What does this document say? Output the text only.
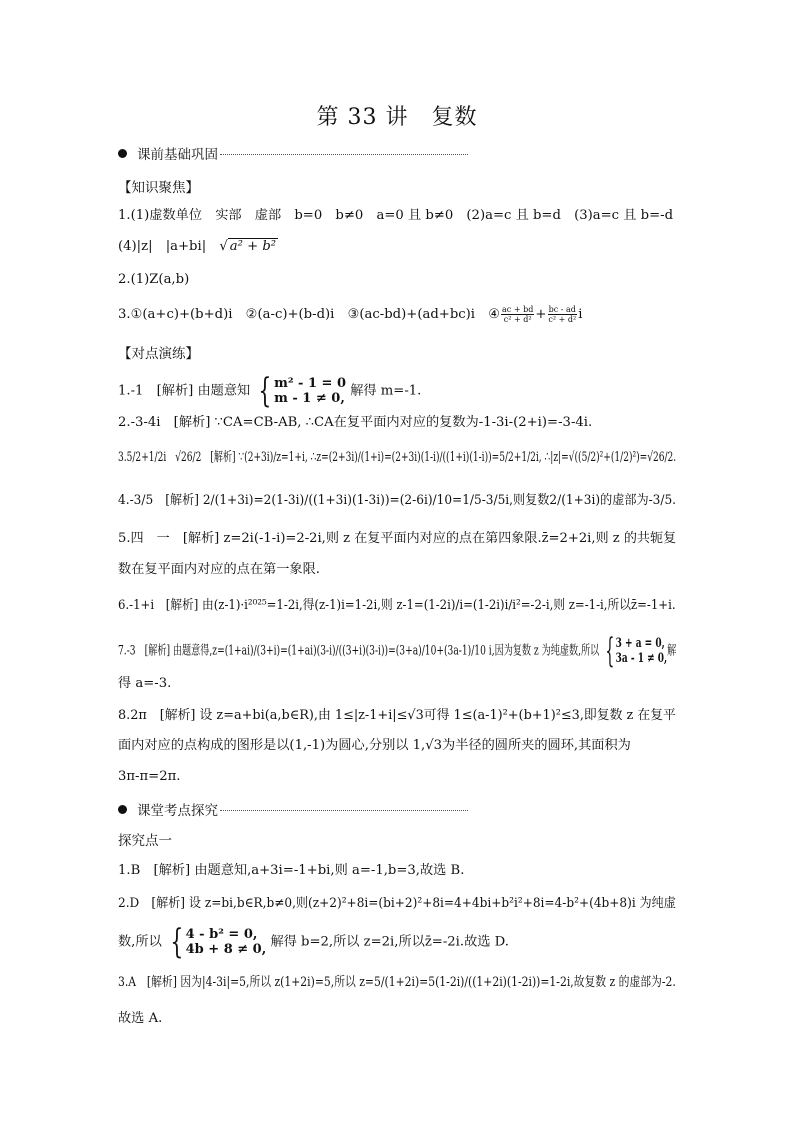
第 33 讲　复数
课前基础巩固
【知识聚焦】
1.(1)虚数单位　实部　虚部　b=0　b≠0　a=0 且 b≠0　(2)a=c 且 b=d　(3)a=c 且 b=-d
(4)|z|　|a+bi|　√ a² + b²
2.(1)Z(a,b)
3.①(a+c)+(b+d)i　②(a-c)+(b-d)i　③(ac-bd)+(ad+bc)i　④ $\frac{ac + bd}{\text{c² + d²}} + \frac{bc - ad}{\text{c² + d²}}$ i
【对点演练】
1.-1　[解析] 由题意知 { m² - 1 = 0
m - 1 ≠ 0, 解得 m=-1.
2.-3-4i　[解析] ∵CA=CB-AB, ∴CA在复平面内对应的复数为-1-3i-(2+i)=-3-4i.
3.5/2+1/2i　√26/2　[解析] ∵(2+3i)/z=1+i, ∴z=(2+3i)/(1+i)=(2+3i)(1-i)/((1+i)(1-i))=5/2+1/2i, ∴|z|=√((5/2)²+(1/2)²)=√26/2.
4.-3/5　[解析] 2/(1+3i)=2(1-3i)/((1+3i)(1-3i))=(2-6i)/10=1/5-3/5i,则复数2/(1+3i)的虚部为-3/5.
5.四　一　[解析] z=2i(-1-i)=2-2i,则 z 在复平面内对应的点在第四象限.z̄=2+2i,则 z 的共轭复
数在复平面内对应的点在第一象限.
6.-1+i　[解析] 由(z-1)·i²⁰²⁵=1-2i,得(z-1)i=1-2i,则 z-1=(1-2i)/i=(1-2i)i/i²=-2-i,则 z=-1-i,所以z̄=-1+i.
7.-3　[解析] 由题意得,z=(1+ai)/(3+i)=(1+ai)(3-i)/((3+i)(3-i))=(3+a)/10+(3a-1)/10 i,因为复数 z 为纯虚数,所以 { 3 + a = 0,
3a - 1 ≠ 0, 解
得 a=-3.
8.2π　[解析] 设 z=a+bi(a,b∈R),由 1≤|z-1+i|≤√3可得 1≤(a-1)²+(b+1)²≤3,即复数 z 在复平
面内对应的点构成的图形是以(1,-1)为圆心,分别以 1,√3为半径的圆所夹的圆环,其面积为
3π-π=2π.
课堂考点探究
探究点一
1.B　[解析] 由题意知,a+3i=-1+bi,则 a=-1,b=3,故选 B.
2.D　[解析] 设 z=bi,b∈R,b≠0,则(z+2)²+8i=(bi+2)²+8i=4+4bi+b²i²+8i=4-b²+(4b+8)i 为纯虚
数,所以 { 4 - b² = 0,
4b + 8 ≠ 0, 解得 b=2,所以 z=2i,所以z̄=-2i.故选 D.
3.A　[解析] 因为|4-3i|=5,所以 z(1+2i)=5,所以 z=5/(1+2i)=5(1-2i)/((1+2i)(1-2i))=1-2i,故复数 z 的虚部为-2.
故选 A.
